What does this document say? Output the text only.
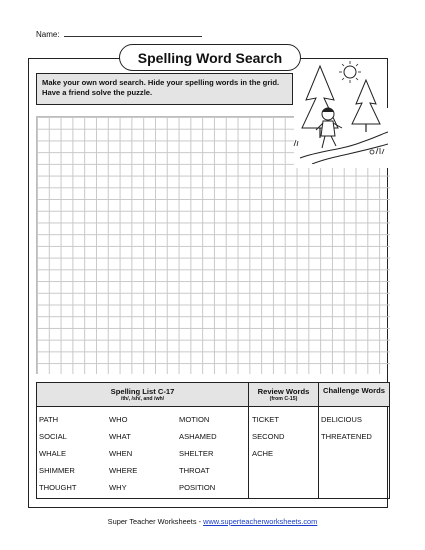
Name:
Spelling Word Search
Make your own word search. Hide your spelling words in the grid. Have a friend solve the puzzle.
Spelling List C-17
/th/, /sh/, and /wh/
Review Words
(from C-15)
Challenge Words
PATH
SOCIAL
WHALE
SHIMMER
THOUGHT
WHO
WHAT
WHEN
WHERE
WHY
MOTION
ASHAMED
SHELTER
THROAT
POSITION
TICKET
SECOND
ACHE
DELICIOUS
THREATENED
Super Teacher Worksheets - www.superteacherworksheets.com
